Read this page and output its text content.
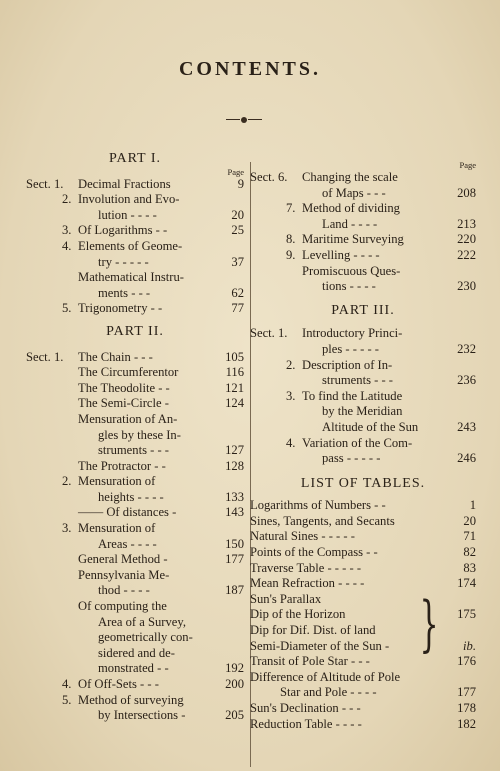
CONTENTS.
PART I.
Page
Sect. 1.	Decimal Fractions	9
2. Involution and Evo-
lution - - - -	20
3. Of Logarithms - -	25
4. Elements of Geome-
try - - - - -	37
Mathematical Instru-
ments - - -	62
5. Trigonometry - -	77
PART II.
Sect. 1.	The Chain - - -	105
The Circumferentor	116
The Theodolite - -	121
The Semi-Circle -	124
Mensuration of An-
gles by these In-
struments - - -	127
The Protractor - -	128
2. Mensuration of
heights - - - -	133
—— Of distances -	143
3. Mensuration of
Areas - - - -	150
General Method -	177
Pennsylvania Me-
thod - - - -	187
Of computing the
Area of a Survey,
geometrically con-
sidered and de-
monstrated - -	192
4. Of Off-Sets - - -	200
5. Method of surveying
by Intersections -	205
Page
Sect. 6.	Changing the scale
of Maps - - -	208
7. Method of dividing
Land - - - -	213
8. Maritime Surveying	220
9. Levelling - - - -	222
Promiscuous Ques-
tions - - - -	230
PART III.
Sect. 1.	Introductory Princi-
ples - - - - -	232
2. Description of In-
struments - - -	236
3. To find the Latitude
by the Meridian
Altitude of the Sun	243
4. Variation of the Com-
pass - - - - -	246
LIST OF TABLES.
Logarithms of Numbers - -	1
Sines, Tangents, and Secants	20
Natural Sines - - - - -	71
Points of the Compass - -	82
Traverse Table - - - - -	83
Mean Refraction - - - -	174
Sun's Parallax
Dip of the Horizon	175
Dip for Dif. Dist. of land
Semi-Diameter of the Sun -	ib.
Transit of Pole Star - - -	176
Difference of Altitude of Pole
Star and Pole - - - -	177
Sun's Declination - - -	178
Reduction Table - - - -	182
}
